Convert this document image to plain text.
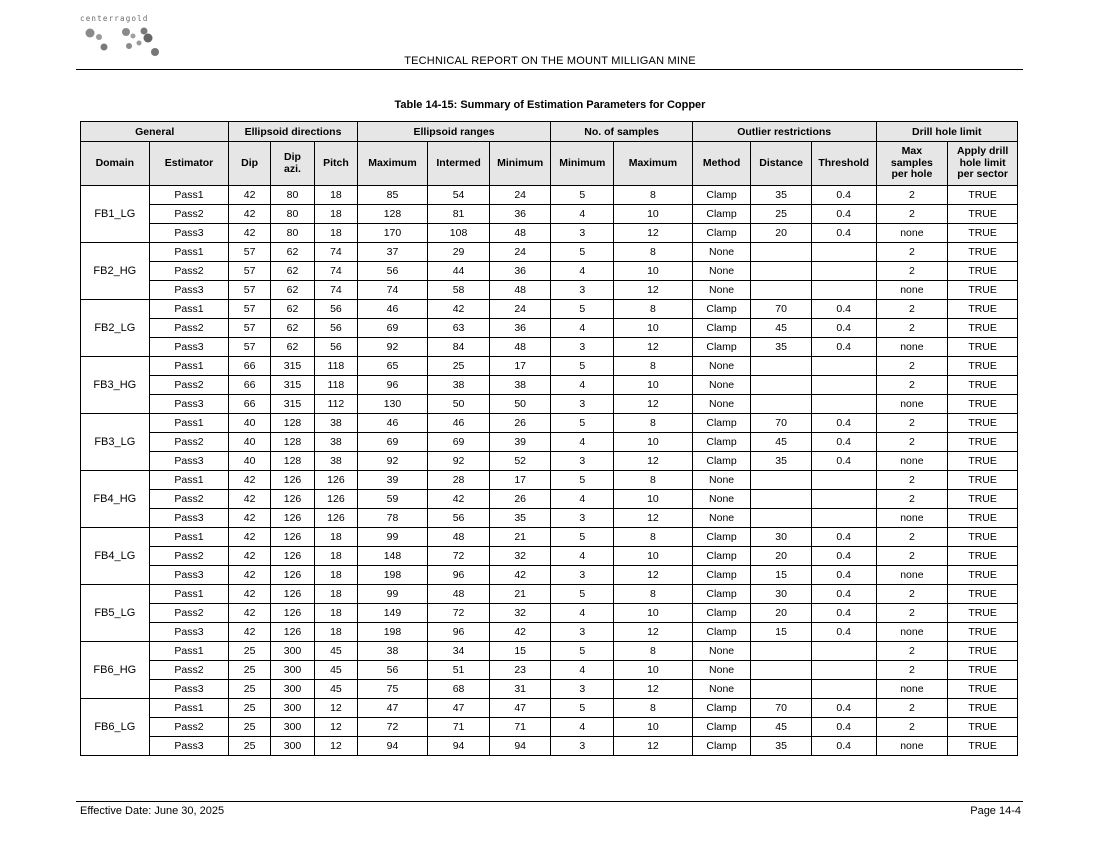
centerragold
TECHNICAL REPORT ON THE MOUNT MILLIGAN MINE
Table 14-15: Summary of Estimation Parameters for Copper
General		Ellipsoid directions			Ellipsoid ranges			No. of samples		Outlier restrictions			Drill hole limit	
Domain	Estimator	Dip	Dip azi.	Pitch	Maximum	Intermed	Minimum	Minimum	Maximum	Method	Distance	Threshold	Max samples per hole	Apply drill hole limit per sector
FB1_LG	Pass1	42	80	18	85	54	24	5	8	Clamp	35	0.4	2	TRUE
	Pass2	42	80	18	128	81	36	4	10	Clamp	25	0.4	2	TRUE
	Pass3	42	80	18	170	108	48	3	12	Clamp	20	0.4	none	TRUE
FB2_HG	Pass1	57	62	74	37	29	24	5	8	None			2	TRUE
	Pass2	57	62	74	56	44	36	4	10	None			2	TRUE
	Pass3	57	62	74	74	58	48	3	12	None			none	TRUE
FB2_LG	Pass1	57	62	56	46	42	24	5	8	Clamp	70	0.4	2	TRUE
	Pass2	57	62	56	69	63	36	4	10	Clamp	45	0.4	2	TRUE
	Pass3	57	62	56	92	84	48	3	12	Clamp	35	0.4	none	TRUE
FB3_HG	Pass1	66	315	118	65	25	17	5	8	None			2	TRUE
	Pass2	66	315	118	96	38	38	4	10	None			2	TRUE
	Pass3	66	315	112	130	50	50	3	12	None			none	TRUE
FB3_LG	Pass1	40	128	38	46	46	26	5	8	Clamp	70	0.4	2	TRUE
	Pass2	40	128	38	69	69	39	4	10	Clamp	45	0.4	2	TRUE
	Pass3	40	128	38	92	92	52	3	12	Clamp	35	0.4	none	TRUE
FB4_HG	Pass1	42	126	126	39	28	17	5	8	None			2	TRUE
	Pass2	42	126	126	59	42	26	4	10	None			2	TRUE
	Pass3	42	126	126	78	56	35	3	12	None			none	TRUE
FB4_LG	Pass1	42	126	18	99	48	21	5	8	Clamp	30	0.4	2	TRUE
	Pass2	42	126	18	148	72	32	4	10	Clamp	20	0.4	2	TRUE
	Pass3	42	126	18	198	96	42	3	12	Clamp	15	0.4	none	TRUE
FB5_LG	Pass1	42	126	18	99	48	21	5	8	Clamp	30	0.4	2	TRUE
	Pass2	42	126	18	149	72	32	4	10	Clamp	20	0.4	2	TRUE
	Pass3	42	126	18	198	96	42	3	12	Clamp	15	0.4	none	TRUE
FB6_HG	Pass1	25	300	45	38	34	15	5	8	None			2	TRUE
	Pass2	25	300	45	56	51	23	4	10	None			2	TRUE
	Pass3	25	300	45	75	68	31	3	12	None			none	TRUE
FB6_LG	Pass1	25	300	12	47	47	47	5	8	Clamp	70	0.4	2	TRUE
	Pass2	25	300	12	72	71	71	4	10	Clamp	45	0.4	2	TRUE
	Pass3	25	300	12	94	94	94	3	12	Clamp	35	0.4	none	TRUE
Effective Date: June 30, 2025	Page 14-4
